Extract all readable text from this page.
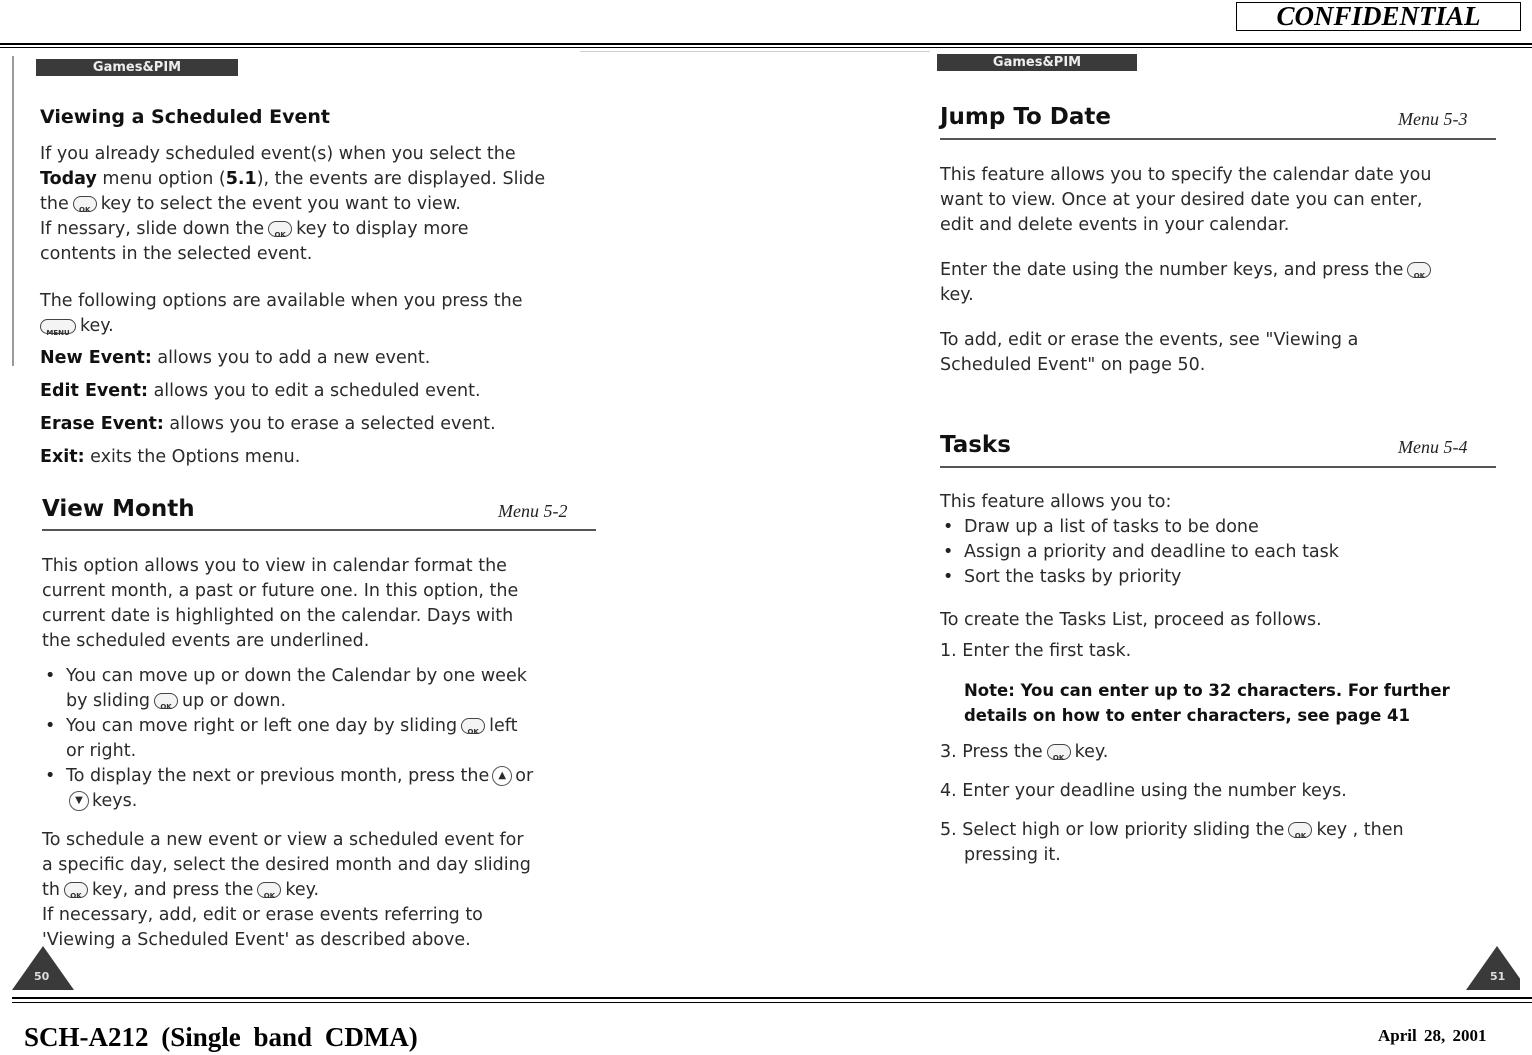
CONFIDENTIAL
Games&PIM
Viewing a Scheduled Event
If you already scheduled event(s) when you select the
Today menu option (5.1), the events are displayed. Slide
the OK key to select the event you want to view.
If nessary, slide down the OK key to display more
contents in the selected event.
The following options are available when you press the
MENUkey.
New Event: allows you to add a new event.
Edit Event: allows you to edit a scheduled event.
Erase Event: allows you to erase a selected event.
Exit: exits the Options menu.
View Month	Menu 5-2
This option allows you to view in calendar format the
current month, a past or future one. In this option, the
current date is highlighted on the calendar. Days with
the scheduled events are underlined.
• You can move up or down the Calendar by one week
by sliding OK up or down.
• You can move right or left one day by sliding OK left
or right.
• To display the next or previous month, press the ▲ or
▼ keys.
To schedule a new event or view a scheduled event for
a specific day, select the desired month and day sliding
th OK key, and press the OK key.
If necessary, add, edit or erase events referring to
'Viewing a Scheduled Event' as described above.
50
Games&PIM
Jump To Date	Menu 5-3
This feature allows you to specify the calendar date you
want to view. Once at your desired date you can enter,
edit and delete events in your calendar.
Enter the date using the number keys, and press theOK
key.
To add, edit or erase the events, see "Viewing a
Scheduled Event" on page 50.
Tasks	Menu 5-4
This feature allows you to:
• Draw up a list of tasks to be done
• Assign a priority and deadline to each task
• Sort the tasks by priority
To create the Tasks List, proceed as follows.
1. Enter the first task.
Note: You can enter up to 32 characters. For further
details on how to enter characters, see page 41
3. Press the OK key.
4. Enter your deadline using the number keys.
5. Select high or low priority sliding the OK key , then
pressing it.
51
SCH-A212 (Single band CDMA)	April 28, 2001
